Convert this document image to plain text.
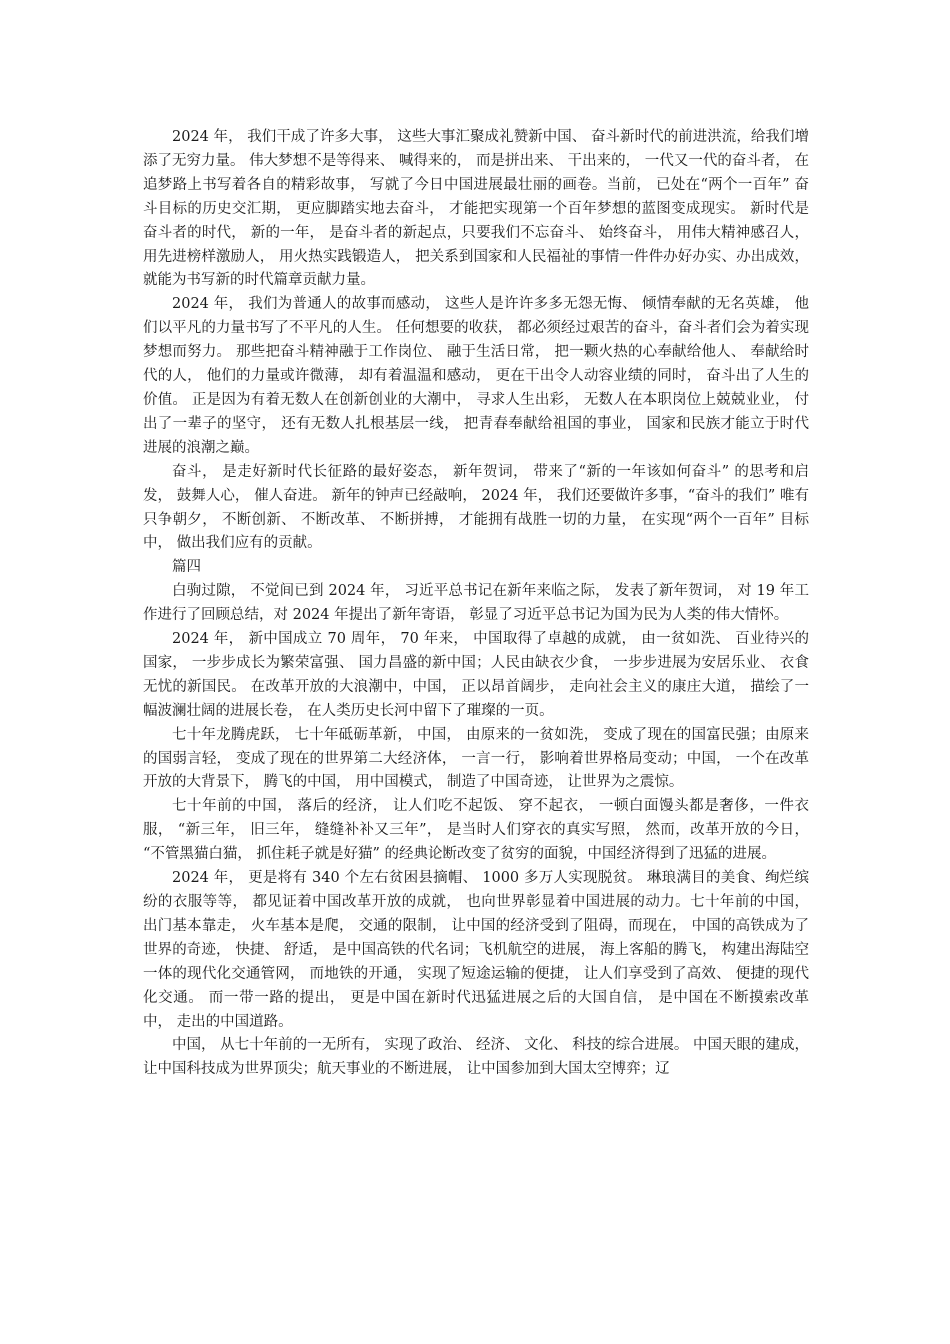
2024 年， 我们干成了许多大事， 这些大事汇聚成礼赞新中国、 奋斗新时代的前进洪流，给我们增添了无穷力量。 伟大梦想不是等得来、 喊得来的， 而是拼出来、 干出来的， 一代又一代的奋斗者， 在追梦路上书写着各自的精彩故事， 写就了今日中国进展最壮丽的画卷。当前， 已处在“两个一百年” 奋斗目标的历史交汇期， 更应脚踏实地去奋斗， 才能把实现第一个百年梦想的蓝图变成现实。 新时代是奋斗者的时代， 新的一年， 是奋斗者的新起点，只要我们不忘奋斗、 始终奋斗， 用伟大精神感召人， 用先进榜样激励人， 用火热实践锻造人， 把关系到国家和人民福祉的事情一件件办好办实、办出成效， 就能为书写新的时代篇章贡献力量。

2024 年， 我们为普通人的故事而感动， 这些人是许许多多无怨无悔、 倾情奉献的无名英雄， 他们以平凡的力量书写了不平凡的人生。 任何想要的收获， 都必须经过艰苦的奋斗，奋斗者们会为着实现梦想而努力。 那些把奋斗精神融于工作岗位、 融于生活日常， 把一颗火热的心奉献给他人、 奉献给时代的人， 他们的力量或许微薄， 却有着温温和感动， 更在干出令人动容业绩的同时， 奋斗出了人生的价值。 正是因为有着无数人在创新创业的大潮中， 寻求人生出彩， 无数人在本职岗位上兢兢业业， 付出了一辈子的坚守， 还有无数人扎根基层一线， 把青春奉献给祖国的事业， 国家和民族才能立于时代进展的浪潮之巅。

奋斗， 是走好新时代长征路的最好姿态， 新年贺词， 带来了“新的一年该如何奋斗” 的思考和启发， 鼓舞人心， 催人奋进。 新年的钟声已经敲响， 2024 年， 我们还要做许多事，“奋斗的我们” 唯有只争朝夕， 不断创新、 不断改革、 不断拼搏， 才能拥有战胜一切的力量， 在实现“两个一百年” 目标中， 做出我们应有的贡献。

篇四

白驹过隙， 不觉间已到 2024 年， 习近平总书记在新年来临之际， 发表了新年贺词， 对 19 年工作进行了回顾总结，对 2024 年提出了新年寄语， 彰显了习近平总书记为国为民为人类的伟大情怀。

2024 年， 新中国成立 70 周年， 70 年来， 中国取得了卓越的成就， 由一贫如洗、 百业待兴的国家， 一步步成长为繁荣富强、 国力昌盛的新中国；人民由缺衣少食， 一步步进展为安居乐业、 衣食无忧的新国民。 在改革开放的大浪潮中，中国， 正以昂首阔步， 走向社会主义的康庄大道， 描绘了一幅波澜壮阔的进展长卷， 在人类历史长河中留下了璀璨的一页。

七十年龙腾虎跃， 七十年砥砺革新， 中国， 由原来的一贫如洗， 变成了现在的国富民强；由原来的国弱言轻， 变成了现在的世界第二大经济体， 一言一行， 影响着世界格局变动；中国， 一个在改革开放的大背景下， 腾飞的中国， 用中国模式， 制造了中国奇迹， 让世界为之震惊。

七十年前的中国， 落后的经济， 让人们吃不起饭、 穿不起衣， 一顿白面馒头都是奢侈，一件衣服， “新三年， 旧三年， 缝缝补补又三年”， 是当时人们穿衣的真实写照， 然而，改革开放的今日， “不管黑猫白猫， 抓住耗子就是好猫” 的经典论断改变了贫穷的面貌，中国经济得到了迅猛的进展。

2024 年， 更是将有 340 个左右贫困县摘帽、 1000 多万人实现脱贫。 琳琅满目的美食、绚烂缤纷的衣服等等， 都见证着中国改革开放的成就， 也向世界彰显着中国进展的动力。七十年前的中国， 出门基本靠走， 火车基本是爬， 交通的限制， 让中国的经济受到了阻碍，而现在， 中国的高铁成为了世界的奇迹， 快捷、 舒适， 是中国高铁的代名词；飞机航空的进展， 海上客船的腾飞， 构建出海陆空一体的现代化交通管网， 而地铁的开通， 实现了短途运输的便捷， 让人们享受到了高效、 便捷的现代化交通。 而一带一路的提出， 更是中国在新时代迅猛进展之后的大国自信， 是中国在不断摸索改革中， 走出的中国道路。

中国， 从七十年前的一无所有， 实现了政治、 经济、 文化、 科技的综合进展。 中国天眼的建成， 让中国科技成为世界顶尖；航天事业的不断进展， 让中国参加到大国太空博弈；辽
